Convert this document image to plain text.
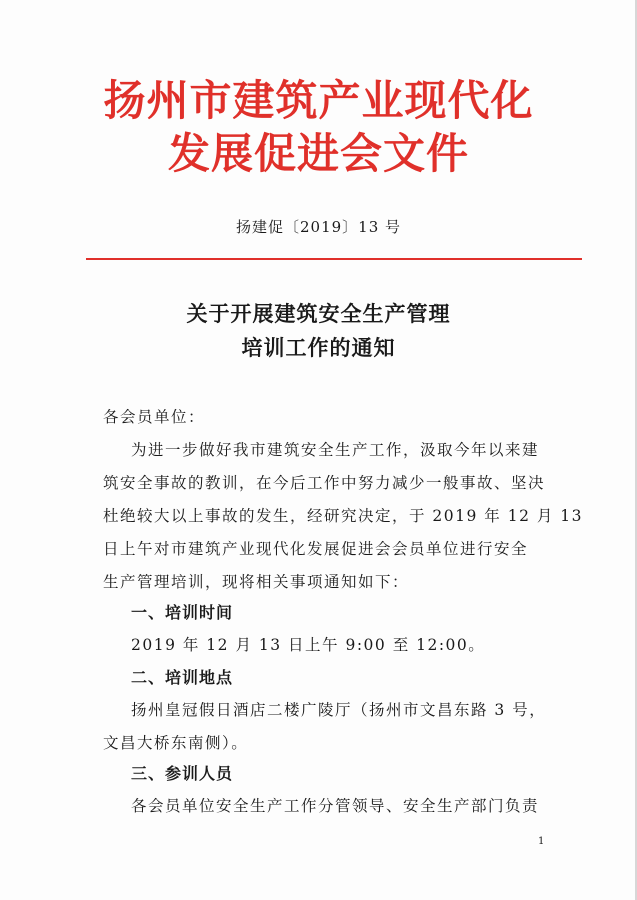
扬州市建筑产业现代化
发展促进会文件
扬建促〔2019〕13 号
关于开展建筑安全生产管理
培训工作的通知
各会员单位：
为进一步做好我市建筑安全生产工作，汲取今年以来建
筑安全事故的教训，在今后工作中努力减少一般事故、坚决
杜绝较大以上事故的发生，经研究决定，于 2019 年 12 月 13
日上午对市建筑产业现代化发展促进会会员单位进行安全
生产管理培训，现将相关事项通知如下：
一、培训时间
2019 年 12 月 13 日上午 9:00 至 12:00。
二、培训地点
扬州皇冠假日酒店二楼广陵厅（扬州市文昌东路 3 号，
文昌大桥东南侧）。
三、参训人员
各会员单位安全生产工作分管领导、安全生产部门负责
1
